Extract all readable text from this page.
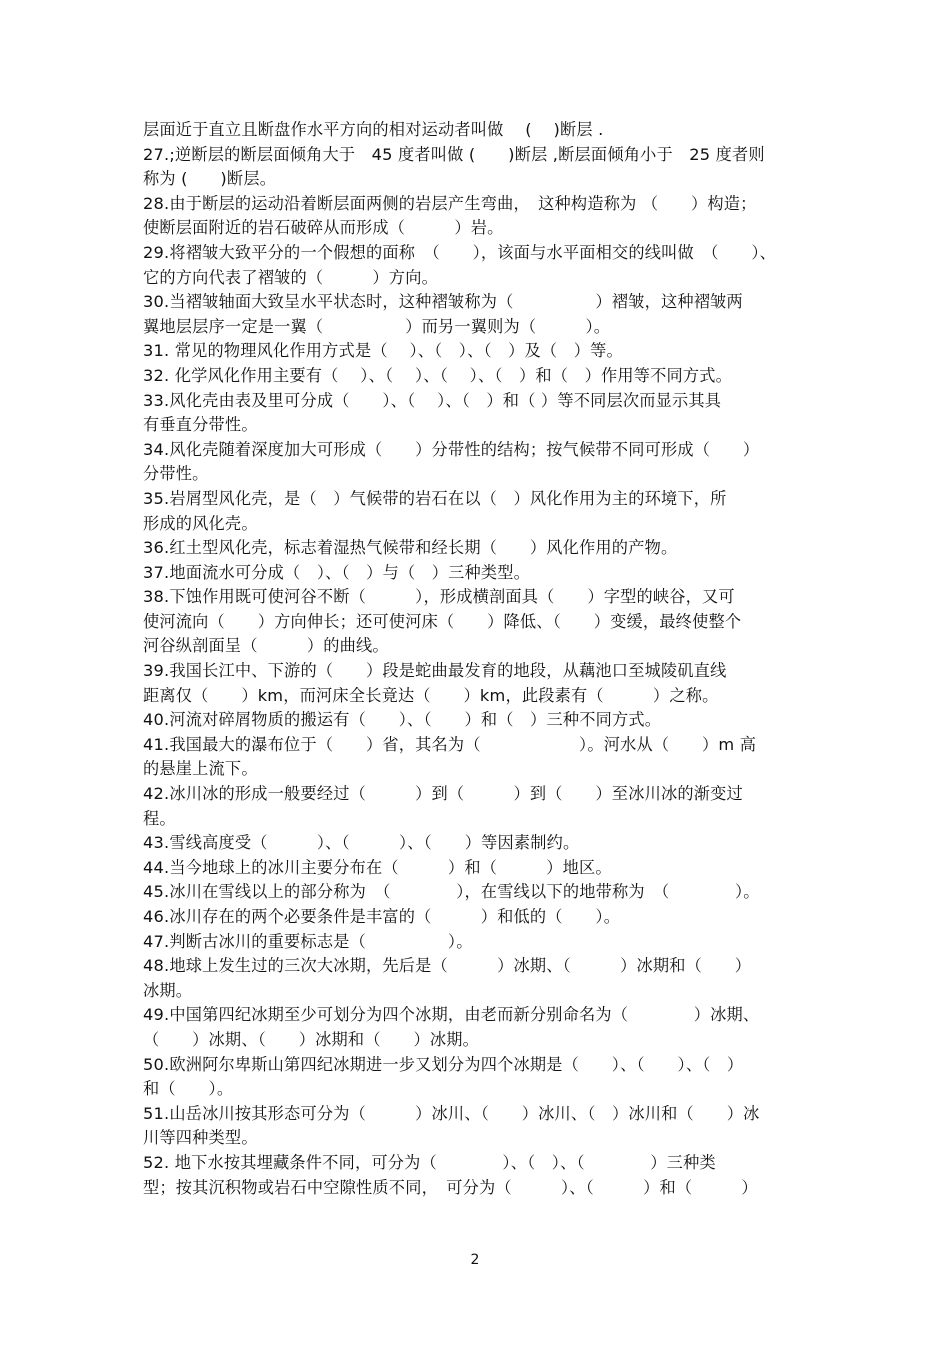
层面近于直立且断盘作水平方向的相对运动者叫做　 (　 )断层 .
27.;逆断层的断层面倾角大于　45 度者叫做 (　　)断层 ,断层面倾角小于　25 度者则
称为 (　　)断层。
28.由于断层的运动沿着断层面两侧的岩层产生弯曲，　这种构造称为 （　　）构造；
使断层面附近的岩石破碎从而形成（　　　）岩。
29.将褶皱大致平分的一个假想的面称　（　　），该面与水平面相交的线叫做　（　　）、
它的方向代表了褶皱的（　　　）方向。
30.当褶皱轴面大致呈水平状态时，这种褶皱称为（　　　　　）褶皱，这种褶皱两
翼地层层序一定是一翼（　　　　　）而另一翼则为（　　　）。
31. 常见的物理风化作用方式是（　 ）、（　）、（　）及（　）等。
32. 化学风化作用主要有（　 ）、（　 ）、（　 ）、（　）和（　）作用等不同方式。
33.风化壳由表及里可分成（　　）、（　 ）、（　）和（ ）等不同层次而显示其具
有垂直分带性。
34.风化壳随着深度加大可形成（　　）分带性的结构；按气候带不同可形成（　　）
分带性。
35.岩屑型风化壳，是（　）气候带的岩石在以（　）风化作用为主的环境下，所
形成的风化壳。
36.红土型风化壳，标志着湿热气候带和经长期（　　）风化作用的产物。
37.地面流水可分成（　）、（　）与（　）三种类型。
38.下蚀作用既可使河谷不断（　　　），形成横剖面具（　　）字型的峡谷，又可
使河流向（　　）方向伸长；还可使河床（　　）降低、（　　）变缓，最终使整个
河谷纵剖面呈（　　　）的曲线。
39.我国长江中、下游的（　　）段是蛇曲最发育的地段，从藕池口至城陵矶直线
距离仅（　　）km，而河床全长竟达（　　）km，此段素有（　　　）之称。
40.河流对碎屑物质的搬运有（　　）、（　　）和（　）三种不同方式。
41.我国最大的瀑布位于（　　）省，其名为（　　　　　　）。河水从（　　）m 高
的悬崖上流下。
42.冰川冰的形成一般要经过（　　　）到（　　　）到（　　）至冰川冰的渐变过
程。
43.雪线高度受（　　　）、（　　　）、（　　）等因素制约。
44.当今地球上的冰川主要分布在（　　　）和（　　　）地区。
45.冰川在雪线以上的部分称为　（　　　　），在雪线以下的地带称为　（　　　　）。
46.冰川存在的两个必要条件是丰富的（　　　）和低的（　　）。
47.判断古冰川的重要标志是（　　　　　）。
48.地球上发生过的三次大冰期，先后是（　　　）冰期、（　　　）冰期和（　　）
冰期。
49.中国第四纪冰期至少可划分为四个冰期，由老而新分别命名为（　　　　）冰期、
（　　）冰期、（　　）冰期和（　　）冰期。
50.欧洲阿尔卑斯山第四纪冰期进一步又划分为四个冰期是（　　）、（　　）、（　）
和（　　）。
51.山岳冰川按其形态可分为（　　　）冰川、（　　）冰川、（　）冰川和（　　）冰
川等四种类型。
52. 地下水按其埋藏条件不同，可分为（　　　　）、（　）、（　　　　）三种类
型；按其沉积物或岩石中空隙性质不同，　可分为（　　　）、（　　　）和（　　　）
2
